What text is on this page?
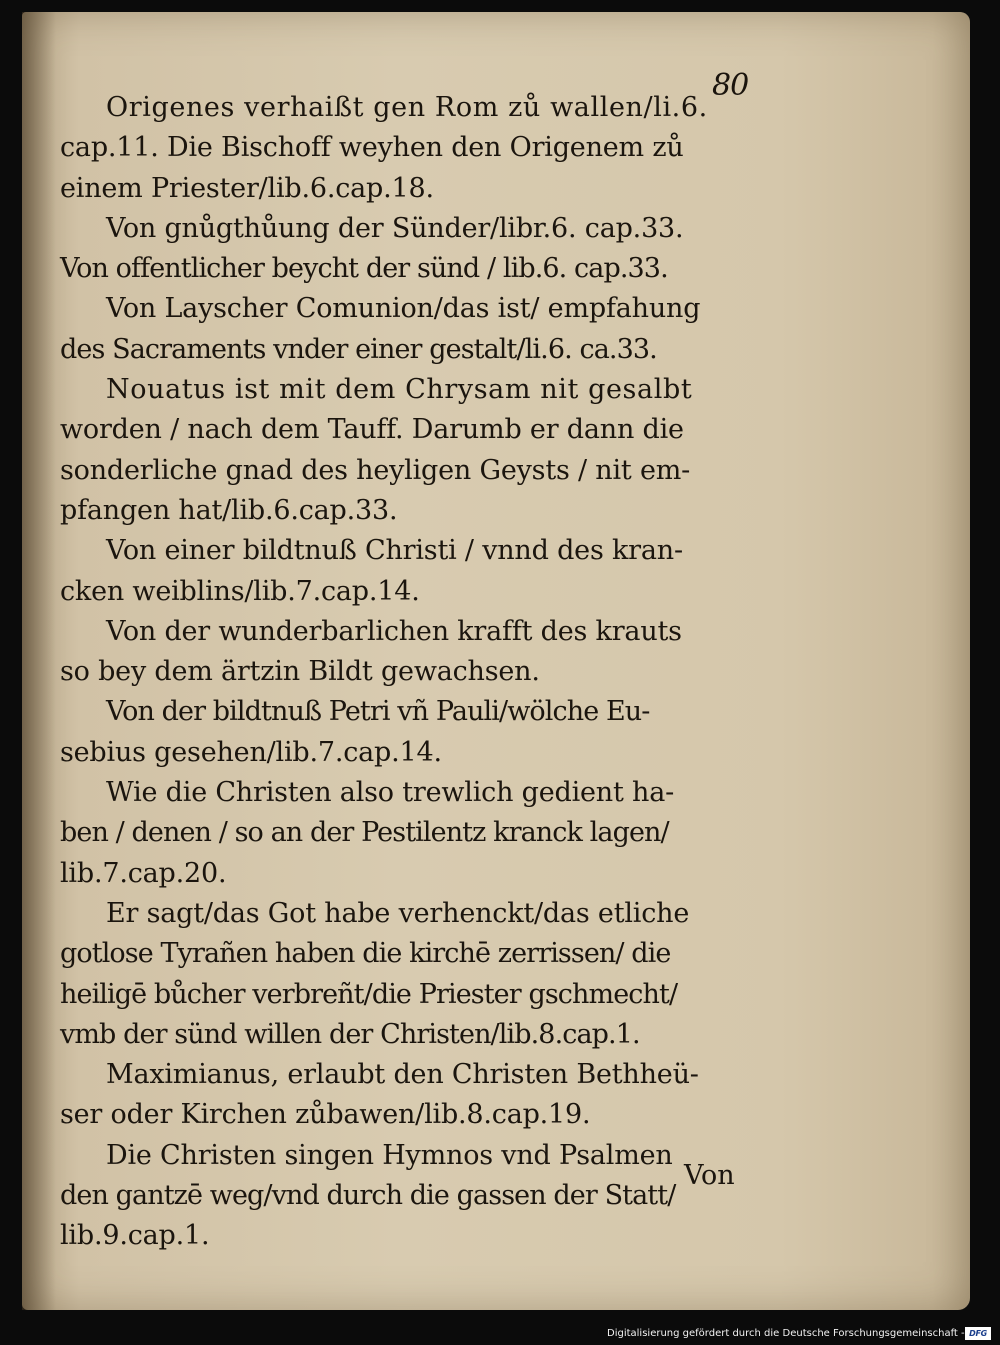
80
Origenes verhaißt gen Rom zů wallen/li.6.
cap.11. Die Bischoff weyhen den Origenem zů
einem Priester/lib.6.cap.18.
Von gnůgthůung der Sünder/libr.6. cap.33.
Von offentlicher beycht der sünd / lib.6. cap.33.
Von Layscher Comunion/das ist/ empfahung
des Sacraments vnder einer gestalt/li.6. ca.33.
Nouatus ist mit dem Chrysam nit gesalbt
worden / nach dem Tauff. Darumb er dann die
sonderliche gnad des heyligen Geysts / nit em-
pfangen hat/lib.6.cap.33.
Von einer bildtnuß Christi / vnnd des kran-
cken weiblins/lib.7.cap.14.
Von der wunderbarlichen krafft des krauts
so bey dem ärtzin Bildt gewachsen.
Von der bildtnuß Petri vñ Pauli/wölche Eu-
sebius gesehen/lib.7.cap.14.
Wie die Christen also trewlich gedient ha-
ben / denen / so an der Pestilentz kranck lagen/
lib.7.cap.20.
Er sagt/das Got habe verhenckt/das etliche
gotlose Tyrañen haben die kirchē zerrissen/ die
heiligē bůcher verbreñt/die Priester gschmecht/
vmb der sünd willen der Christen/lib.8.cap.1.
Maximianus, erlaubt den Christen Bethheü-
ser oder Kirchen zůbawen/lib.8.cap.19.
Die Christen singen Hymnos vnd Psalmen
den gantzē weg/vnd durch die gassen der Statt/
lib.9.cap.1.
Von
Digitalisierung gefördert durch die Deutsche Forschungsgemeinschaft - DFG
